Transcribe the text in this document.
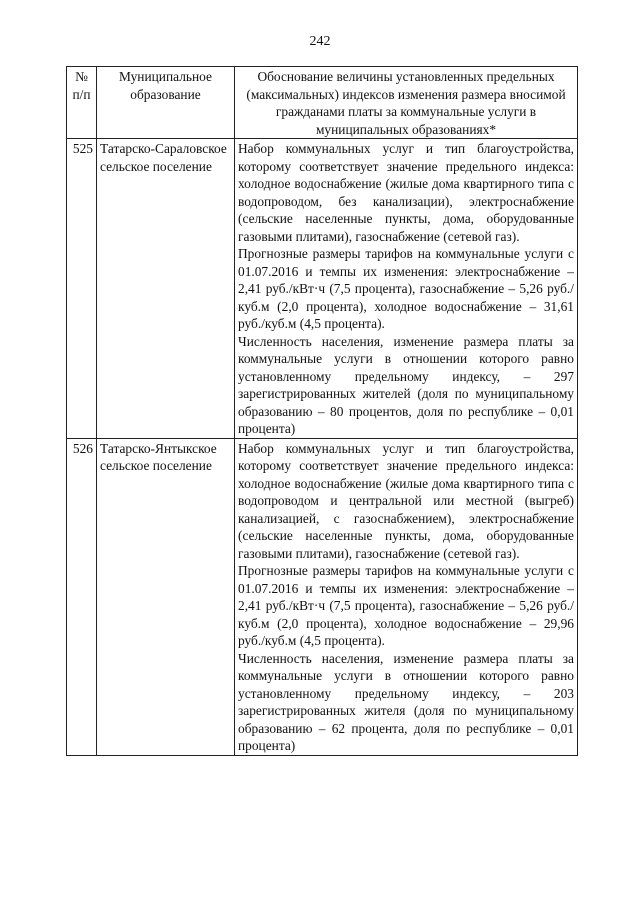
242
№ п/п	Муниципальное образование	Обоснование величины установленных предельных (максимальных) индексов изменения размера вносимой гражданами платы за коммунальные услуги в муниципальных образованиях*
525	Татарско-Сараловское сельское поселение	Набор коммунальных услуг и тип благоустройства, которому соответствует значение предельного индекса: холодное водоснабжение (жилые дома квартирного типа с водопроводом, без канализации), электроснабжение (сельские населенные пункты, дома, оборудованные газовыми плитами), газоснабжение (сетевой газ).

Прогнозные размеры тарифов на коммунальные услуги с 01.07.2016 и темпы их изменения: электроснабжение – 2,41 руб./кВт·ч (7,5 процента), газоснабжение – 5,26 руб./куб.м (2,0 процента), холодное водоснабжение – 31,61 руб./куб.м (4,5 процента).

Численность населения, изменение размера платы за коммунальные услуги в отношении которого равно установленному предельному индексу, – 297 зарегистрированных жителей (доля по муниципальному образованию – 80 процентов, доля по республике – 0,01 процента)

526	Татарско-Янтыкское сельское поселение	Набор коммунальных услуг и тип благоустройства, которому соответствует значение предельного индекса: холодное водоснабжение (жилые дома квартирного типа с водопроводом и центральной или местной (выгреб) канализацией, с газоснабжением), электроснабжение (сельские населенные пункты, дома, оборудованные газовыми плитами), газоснабжение (сетевой газ).

Прогнозные размеры тарифов на коммунальные услуги с 01.07.2016 и темпы их изменения: электроснабжение – 2,41 руб./кВт·ч (7,5 процента), газоснабжение – 5,26 руб./куб.м (2,0 процента), холодное водоснабжение – 29,96 руб./куб.м (4,5 процента).

Численность населения, изменение размера платы за коммунальные услуги в отношении которого равно установленному предельному индексу, – 203 зарегистрированных жителя (доля по муниципальному образованию – 62 процента, доля по республике – 0,01 процента)
